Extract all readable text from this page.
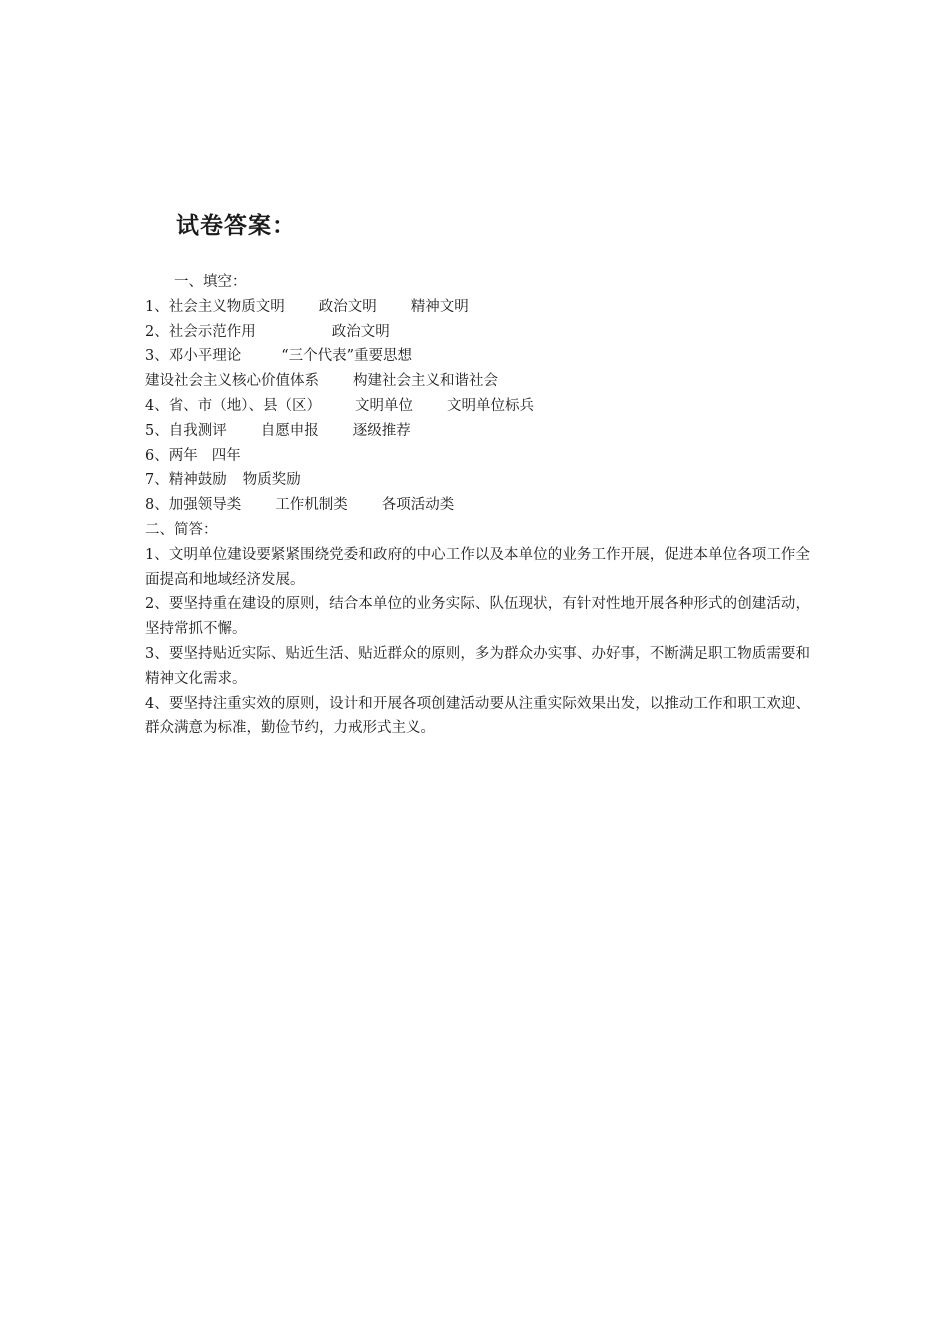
试卷答案：
一、填空：
1、社会主义物质文明 政治文明 精神文明
2、社会示范作用	政治文明
3、邓小平理论	“三个代表”重要思想
建设社会主义核心价值体系 构建社会主义和谐社会
4、省、市（地）、县（区） 文明单位 文明单位标兵
5、自我测评 自愿申报 逐级推荐
6、两年 四年
7、精神鼓励 物质奖励
8、加强领导类 工作机制类 各项活动类
二、简答：
1、文明单位建设要紧紧围绕党委和政府的中心工作以及本单位的业务工作开展，促进本单位各项工作全面提高和地域经济发展。
2、要坚持重在建设的原则，结合本单位的业务实际、队伍现状，有针对性地开展各种形式的创建活动，坚持常抓不懈。
3、要坚持贴近实际、贴近生活、贴近群众的原则，多为群众办实事、办好事，不断满足职工物质需要和精神文化需求。
4、要坚持注重实效的原则，设计和开展各项创建活动要从注重实际效果出发，以推动工作和职工欢迎、群众满意为标准，勤俭节约，力戒形式主义。
